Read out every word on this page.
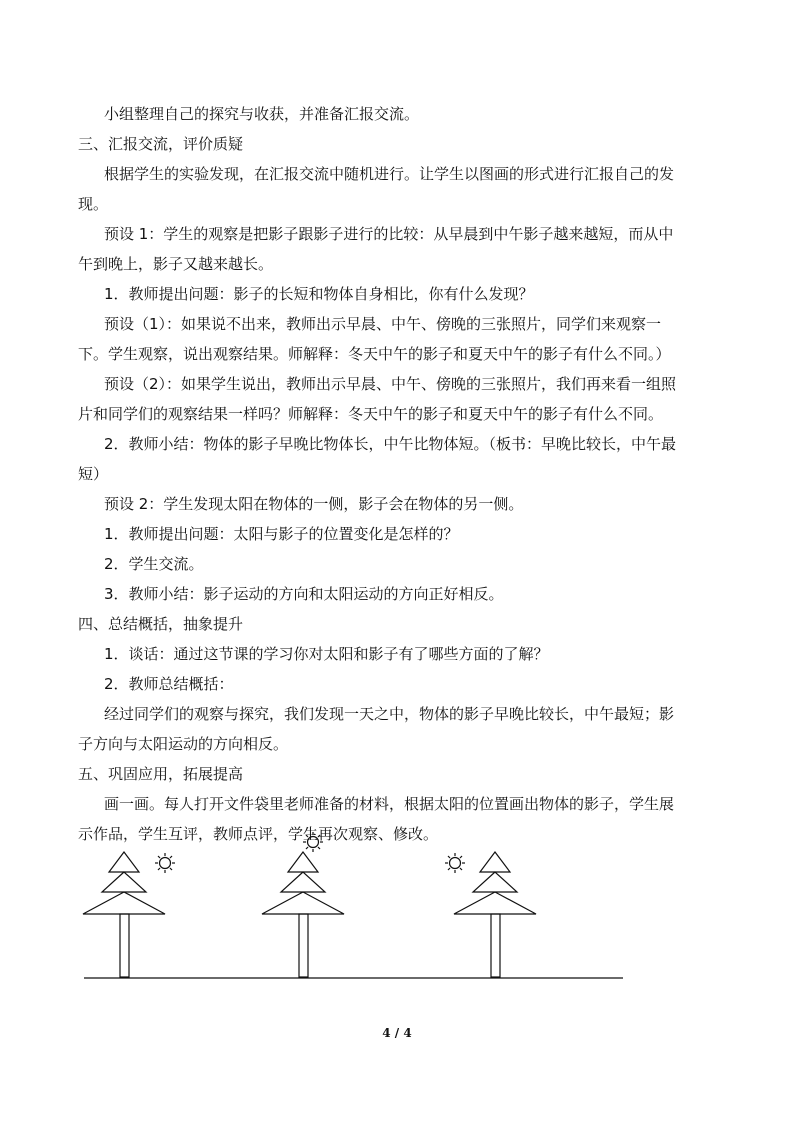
小组整理自己的探究与收获，并准备汇报交流。
三、汇报交流，评价质疑
根据学生的实验发现，在汇报交流中随机进行。让学生以图画的形式进行汇报自己的发
现。
预设 1：学生的观察是把影子跟影子进行的比较：从早晨到中午影子越来越短，而从中
午到晚上，影子又越来越长。
1．教师提出问题：影子的长短和物体自身相比，你有什么发现？
预设（1）：如果说不出来，教师出示早晨、中午、傍晚的三张照片，同学们来观察一
下。学生观察，说出观察结果。师解释：冬天中午的影子和夏天中午的影子有什么不同。）
预设（2）：如果学生说出，教师出示早晨、中午、傍晚的三张照片，我们再来看一组照
片和同学们的观察结果一样吗？师解释：冬天中午的影子和夏天中午的影子有什么不同。
2．教师小结：物体的影子早晚比物体长，中午比物体短。（板书：早晚比较长，中午最
短）
预设 2：学生发现太阳在物体的一侧，影子会在物体的另一侧。
1．教师提出问题：太阳与影子的位置变化是怎样的？
2．学生交流。
3．教师小结：影子运动的方向和太阳运动的方向正好相反。
四、总结概括，抽象提升
1．谈话：通过这节课的学习你对太阳和影子有了哪些方面的了解？
2．教师总结概括：
经过同学们的观察与探究，我们发现一天之中，物体的影子早晚比较长，中午最短；影
子方向与太阳运动的方向相反。
五、巩固应用，拓展提高
画一画。每人打开文件袋里老师准备的材料，根据太阳的位置画出物体的影子，学生展
示作品，学生互评，教师点评，学生再次观察、修改。
4 / 4
